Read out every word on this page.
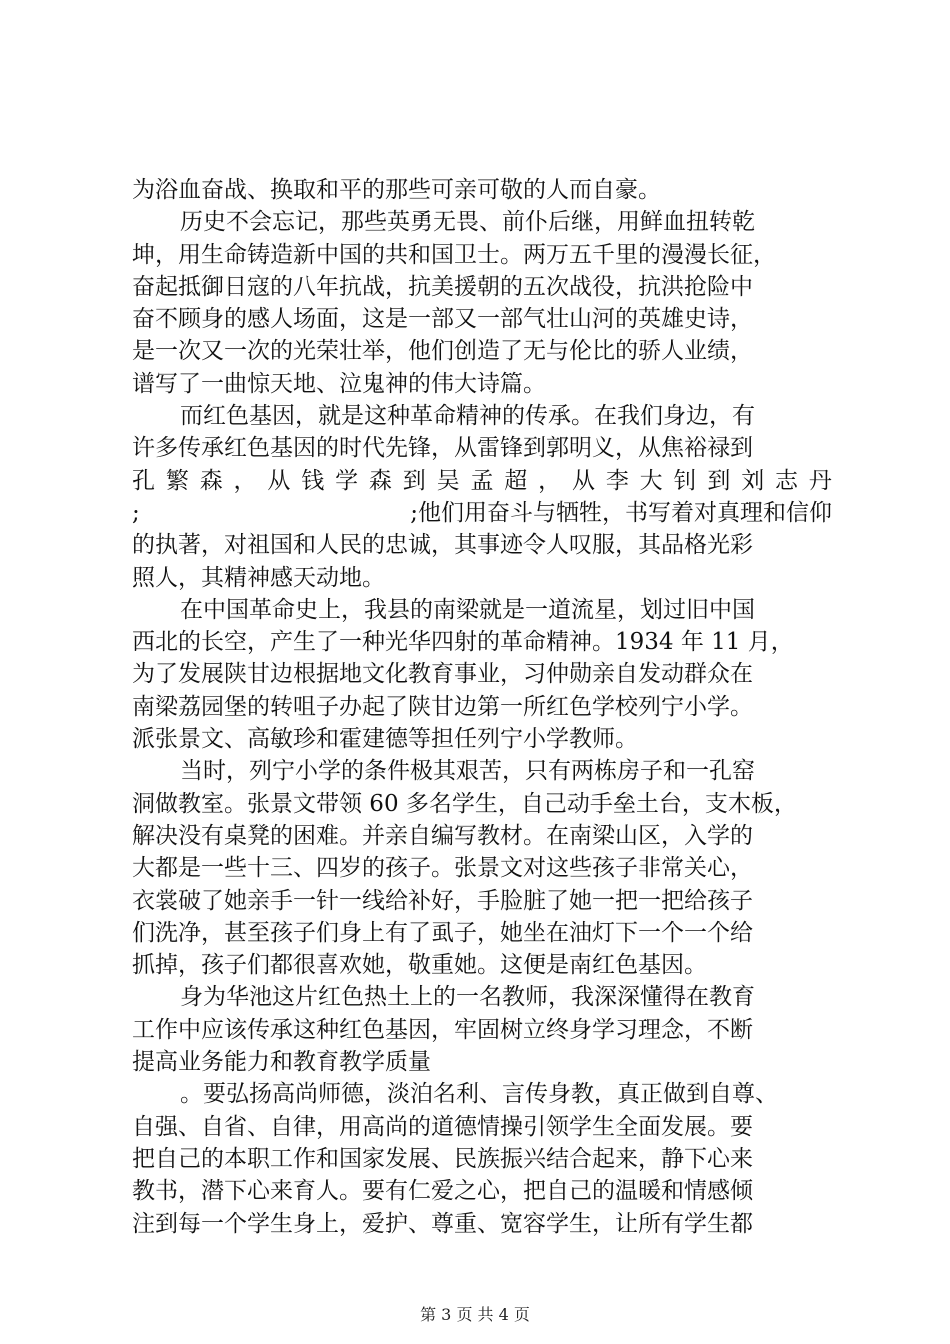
为浴血奋战、换取和平的那些可亲可敬的人而自豪。
历史不会忘记，那些英勇无畏、前仆后继，用鲜血扭转乾
坤，用生命铸造新中国的共和国卫士。两万五千里的漫漫长征，
奋起抵御日寇的八年抗战，抗美援朝的五次战役，抗洪抢险中
奋不顾身的感人场面，这是一部又一部气壮山河的英雄史诗，
是一次又一次的光荣壮举，他们创造了无与伦比的骄人业绩，
谱写了一曲惊天地、泣鬼神的伟大诗篇。
而红色基因，就是这种革命精神的传承。在我们身边，有
许多传承红色基因的时代先锋，从雷锋到郭明义，从焦裕禄到
孔 繁 森 ， 从 钱 学 森 到 吴 孟 超 ， 从 李 大 钊 到 刘 志 丹
;	;他们用奋斗与牺牲，书写着对真理和信仰
的执著，对祖国和人民的忠诚，其事迹令人叹服，其品格光彩
照人，其精神感天动地。
在中国革命史上，我县的南梁就是一道流星，划过旧中国
西北的长空，产生了一种光华四射的革命精神。1934 年 11 月，
为了发展陕甘边根据地文化教育事业，习仲勋亲自发动群众在
南梁荔园堡的转咀子办起了陕甘边第一所红色学校列宁小学。
派张景文、高敏珍和霍建德等担任列宁小学教师。
当时，列宁小学的条件极其艰苦，只有两栋房子和一孔窑
洞做教室。张景文带领 60 多名学生，自己动手垒土台，支木板，
解决没有桌凳的困难。并亲自编写教材。在南梁山区，入学的
大都是一些十三、四岁的孩子。张景文对这些孩子非常关心，
衣裳破了她亲手一针一线给补好，手脸脏了她一把一把给孩子
们洗净，甚至孩子们身上有了虱子，她坐在油灯下一个一个给
抓掉，孩子们都很喜欢她，敬重她。这便是南红色基因。
身为华池这片红色热土上的一名教师，我深深懂得在教育
工作中应该传承这种红色基因，牢固树立终身学习理念，不断
提高业务能力和教育教学质量
。要弘扬高尚师德，淡泊名利、言传身教，真正做到自尊、
自强、自省、自律，用高尚的道德情操引领学生全面发展。要
把自己的本职工作和国家发展、民族振兴结合起来，静下心来
教书，潜下心来育人。要有仁爱之心，把自己的温暖和情感倾
注到每一个学生身上，爱护、尊重、宽容学生，让所有学生都
第 3 页 共 4 页
